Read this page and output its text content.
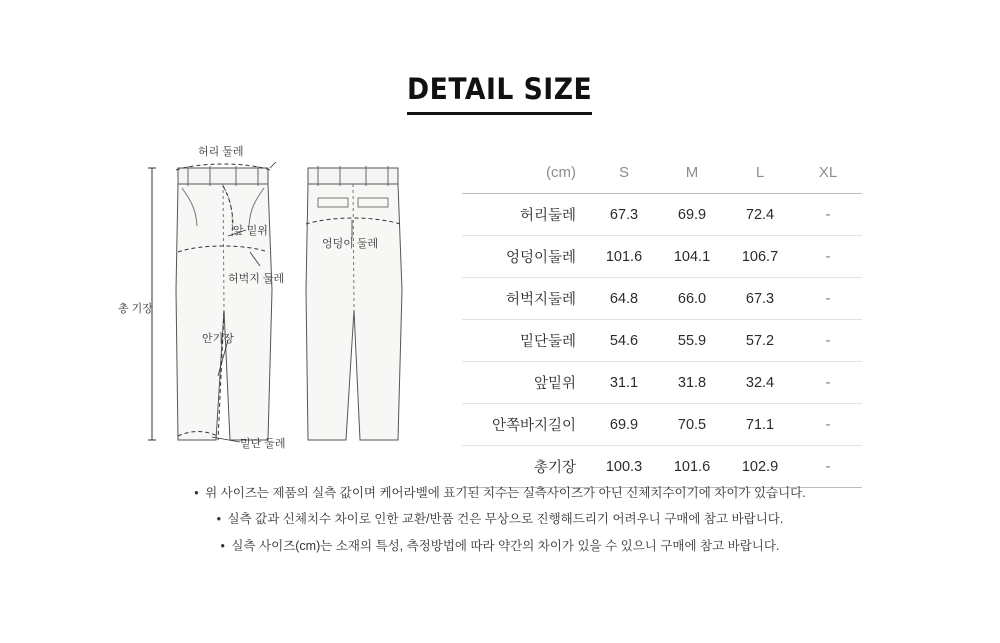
DETAIL SIZE
허리 둘레
앞 밑위
엉덩이 둘레
허벅지 둘레
안기장
총 기장
밑단 둘레
(cm)	S	M	L	XL
허리둘레	67.3	69.9	72.4	-
엉덩이둘레	101.6	104.1	106.7	-
허벅지둘레	64.8	66.0	67.3	-
밑단둘레	54.6	55.9	57.2	-
앞밑위	31.1	31.8	32.4	-
안쪽바지길이	69.9	70.5	71.1	-
총기장	100.3	101.6	102.9	-
• 위 사이즈는 제품의 실측 값이며 케어라벨에 표기된 치수는 실측사이즈가 아닌 신체치수이기에 차이가 있습니다.
• 실측 값과 신체치수 차이로 인한 교환/반품 건은 무상으로 진행해드리기 어려우니 구매에 참고 바랍니다.
• 실측 사이즈(cm)는 소재의 특성, 측정방법에 따라 약간의 차이가 있을 수 있으니 구매에 참고 바랍니다.
